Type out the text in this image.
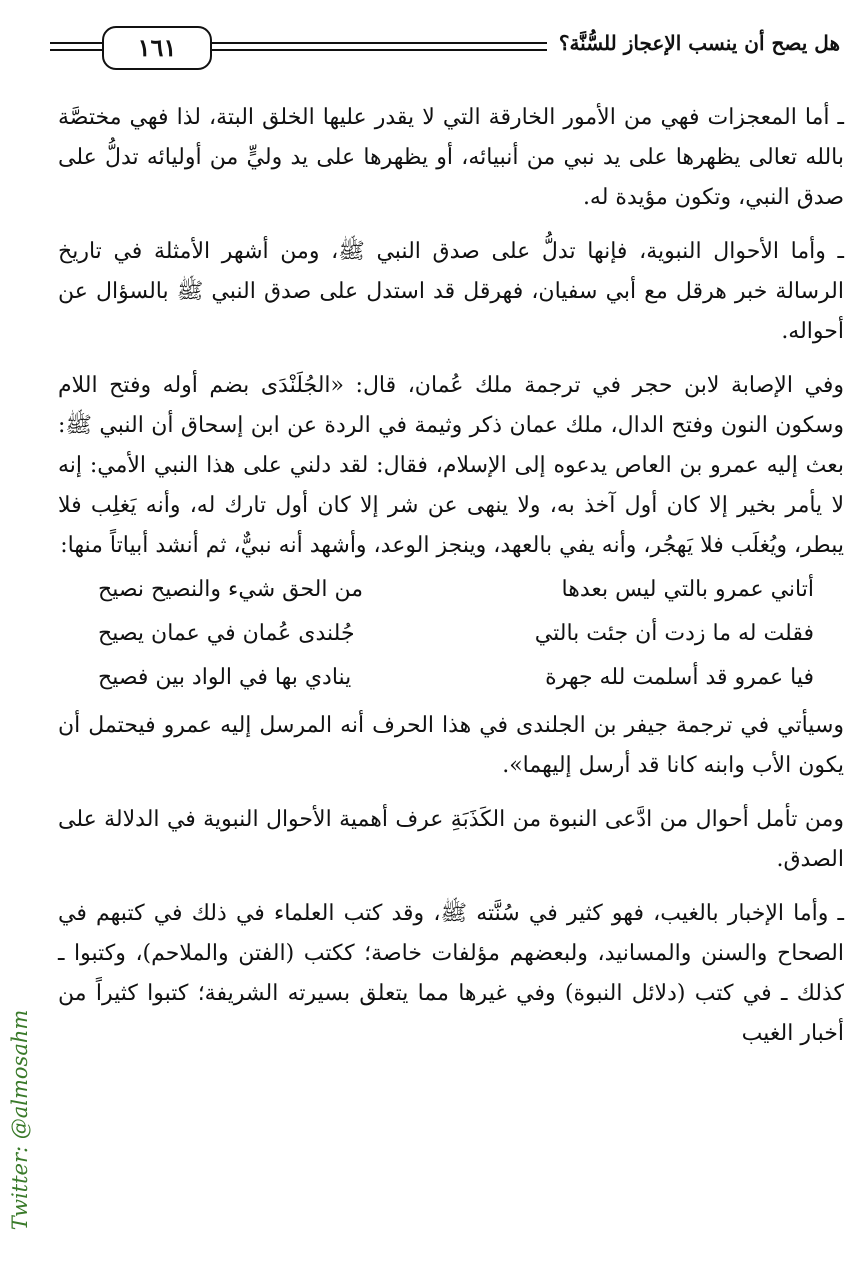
١٦١	هل يصح أن ينسب الإعجاز للسُّنَّة؟

ـ أما المعجزات فهي من الأمور الخارقة التي لا يقدر عليها الخلق البتة، لذا فهي مختصَّة بالله تعالى يظهرها على يد نبي من أنبيائه، أو يظهرها على يد وليٍّ من أوليائه تدلُّ على صدق النبي، وتكون مؤيدة له.

ـ وأما الأحوال النبوية، فإنها تدلُّ على صدق النبي ﷺ، ومن أشهر الأمثلة في تاريخ الرسالة خبر هرقل مع أبي سفيان، فهرقل قد استدل على صدق النبي ﷺ بالسؤال عن أحواله.

وفي الإصابة لابن حجر في ترجمة ملك عُمان، قال: «الجُلَنْدَى بضم أوله وفتح اللام وسكون النون وفتح الدال، ملك عمان ذكر وثيمة في الردة عن ابن إسحاق أن النبي ﷺ: بعث إليه عمرو بن العاص يدعوه إلى الإسلام، فقال: لقد دلني على هذا النبي الأمي: إنه لا يأمر بخير إلا كان أول آخذ به، ولا ينهى عن شر إلا كان أول تارك له، وأنه يَغلِب فلا يبطر، ويُغلَب فلا يَهجُر، وأنه يفي بالعهد، وينجز الوعد، وأشهد أنه نبيٌّ، ثم أنشد أبياتاً منها:

أتاني عمرو بالتي ليس بعدها
من الحق شيء والنصيح نصيح
فقلت له ما زدت أن جئت بالتي
جُلندى عُمان في عمان يصيح
فيا عمرو قد أسلمت لله جهرة
ينادي بها في الواد بين فصيح

وسيأتي في ترجمة جيفر بن الجلندى في هذا الحرف أنه المرسل إليه عمرو فيحتمل أن يكون الأب وابنه كانا قد أرسل إليهما».

ومن تأمل أحوال من ادَّعى النبوة من الكَذَبَةِ عرف أهمية الأحوال النبوية في الدلالة على الصدق.

ـ وأما الإخبار بالغيب، فهو كثير في سُنَّته ﷺ، وقد كتب العلماء في ذلك في كتبهم في الصحاح والسنن والمسانيد، ولبعضهم مؤلفات خاصة؛ ككتب (الفتن والملاحم)، وكتبوا ـ كذلك ـ في كتب (دلائل النبوة) وفي غيرها مما يتعلق بسيرته الشريفة؛ كتبوا كثيراً من أخبار الغيب

Twitter: @almosahm
